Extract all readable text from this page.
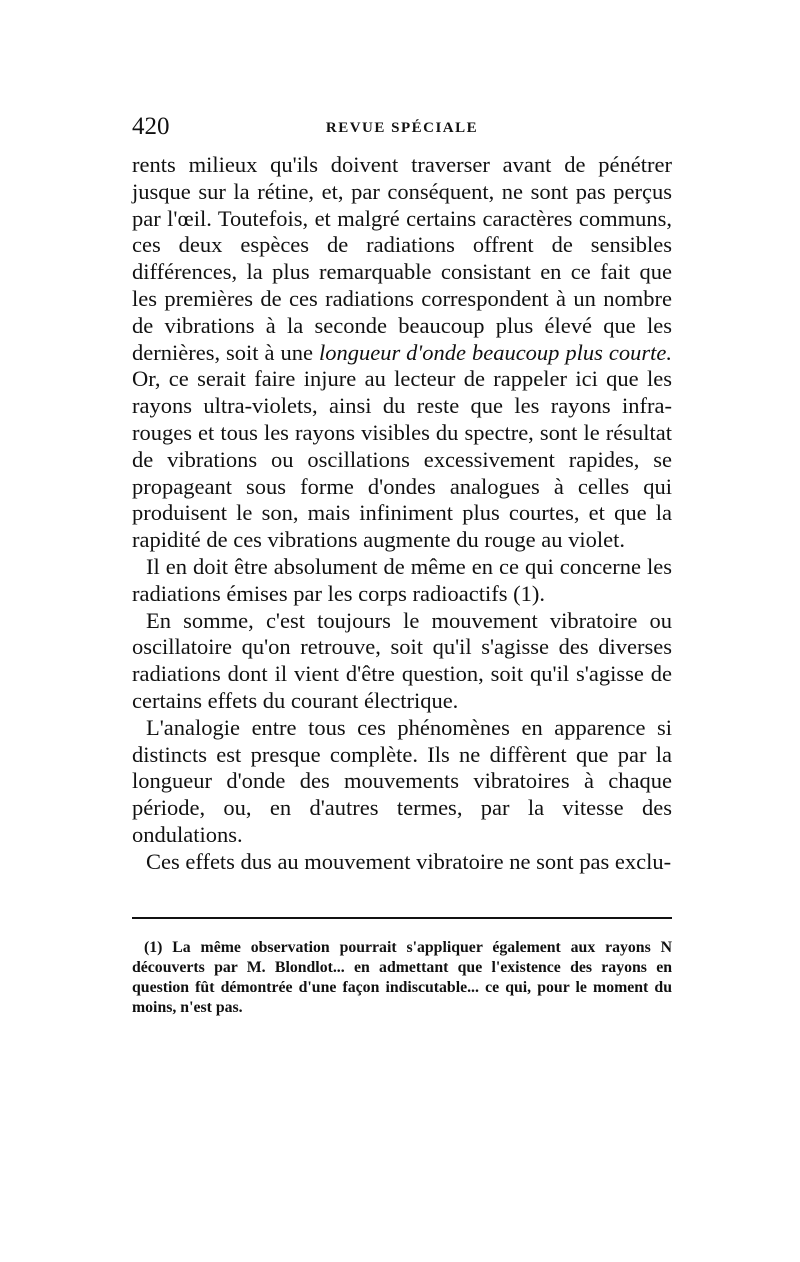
420	REVUE SPÉCIALE

rents milieux qu'ils doivent traverser avant de pénétrer jusque sur la rétine, et, par conséquent, ne sont pas perçus par l'œil. Toutefois, et malgré certains caractères communs, ces deux espèces de radiations offrent de sensibles différences, la plus remarquable consistant en ce fait que les premières de ces radiations correspondent à un nombre de vibrations à la seconde beaucoup plus élevé que les dernières, soit à une longueur d'onde beaucoup plus courte. Or, ce serait faire injure au lecteur de rappeler ici que les rayons ultra-violets, ainsi du reste que les rayons infra-rouges et tous les rayons visibles du spectre, sont le résultat de vibrations ou oscillations excessivement rapides, se propageant sous forme d'ondes analogues à celles qui produisent le son, mais infiniment plus courtes, et que la rapidité de ces vibrations augmente du rouge au violet.

Il en doit être absolument de même en ce qui concerne les radiations émises par les corps radioactifs (1).

En somme, c'est toujours le mouvement vibratoire ou oscillatoire qu'on retrouve, soit qu'il s'agisse des diverses radiations dont il vient d'être question, soit qu'il s'agisse de certains effets du courant électrique.

L'analogie entre tous ces phénomènes en apparence si distincts est presque complète. Ils ne diffèrent que par la longueur d'onde des mouvements vibratoires à chaque période, ou, en d'autres termes, par la vitesse des ondulations.

Ces effets dus au mouvement vibratoire ne sont pas exclu-

(1) La même observation pourrait s'appliquer également aux rayons N découverts par M. Blondlot... en admettant que l'existence des rayons en question fût démontrée d'une façon indiscutable... ce qui, pour le moment du moins, n'est pas.
